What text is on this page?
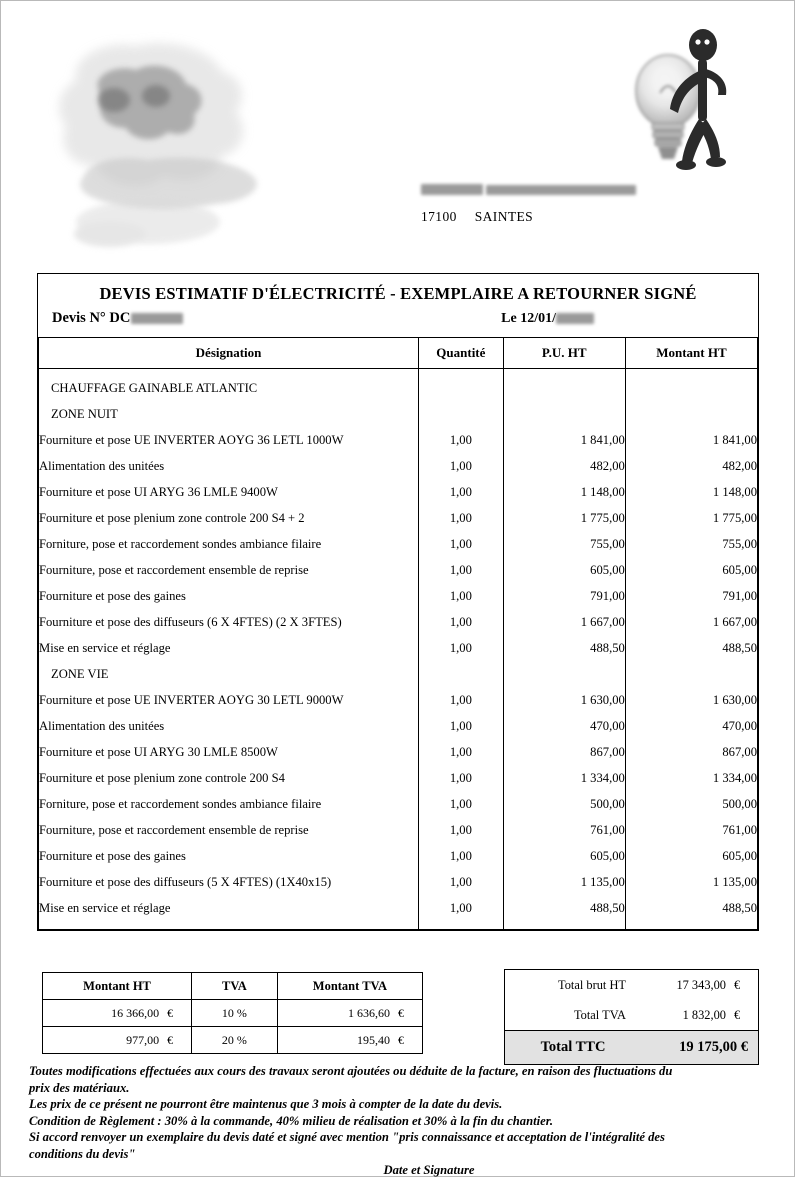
17100 SAINTES
DEVIS ESTIMATIF D'ÉLECTRICITÉ - EXEMPLAIRE A RETOURNER SIGNÉ
Devis N° DC	Le 12/01/
Désignation	Quantité	P.U. HT	Montant HT
CHAUFFAGE GAINABLE ATLANTIC			
ZONE NUIT			
Fourniture et pose UE INVERTER AOYG 36 LETL 1000W	1,00	1 841,00	1 841,00
Alimentation des unitées	1,00	482,00	482,00
Fourniture et pose UI ARYG 36 LMLE 9400W	1,00	1 148,00	1 148,00
Fourniture et pose plenium zone controle 200 S4 + 2	1,00	1 775,00	1 775,00
Forniture, pose et raccordement sondes ambiance filaire	1,00	755,00	755,00
Fourniture, pose et raccordement ensemble de reprise	1,00	605,00	605,00
Fourniture et pose des gaines	1,00	791,00	791,00
Fourniture et pose des diffuseurs (6 X 4FTES) (2 X 3FTES)	1,00	1 667,00	1 667,00
Mise en service et réglage	1,00	488,50	488,50
ZONE VIE			
Fourniture et pose UE INVERTER AOYG 30 LETL 9000W	1,00	1 630,00	1 630,00
Alimentation des unitées	1,00	470,00	470,00
Fourniture et pose UI ARYG 30 LMLE 8500W	1,00	867,00	867,00
Fourniture et pose plenium zone controle 200 S4	1,00	1 334,00	1 334,00
Forniture, pose et raccordement sondes ambiance filaire	1,00	500,00	500,00
Fourniture, pose et raccordement ensemble de reprise	1,00	761,00	761,00
Fourniture et pose des gaines	1,00	605,00	605,00
Fourniture et pose des diffuseurs (5 X 4FTES) (1X40x15)	1,00	1 135,00	1 135,00
Mise en service et réglage	1,00	488,50	488,50
Montant HT	TVA	Montant TVA
16 366,00 €	10 %	1 636,60 €
977,00 €	20 %	195,40 €
Total brut HT	17 343,00 €
Total TVA	1 832,00 €
Total TTC	19 175,00 €

Toutes modifications effectuées aux cours des travaux seront ajoutées ou déduite de la facture, en raison des fluctuations du

prix des matériaux.

Les prix de ce présent ne pourront être maintenus que 3 mois à compter de la date du devis.

Condition de Règlement : 30% à la commande, 40% milieu de réalisation et 30% à la fin du chantier.

Si accord renvoyer un exemplaire du devis daté et signé avec mention "pris connaissance et acceptation de l'intégralité des

conditions du devis"

Date et Signature
